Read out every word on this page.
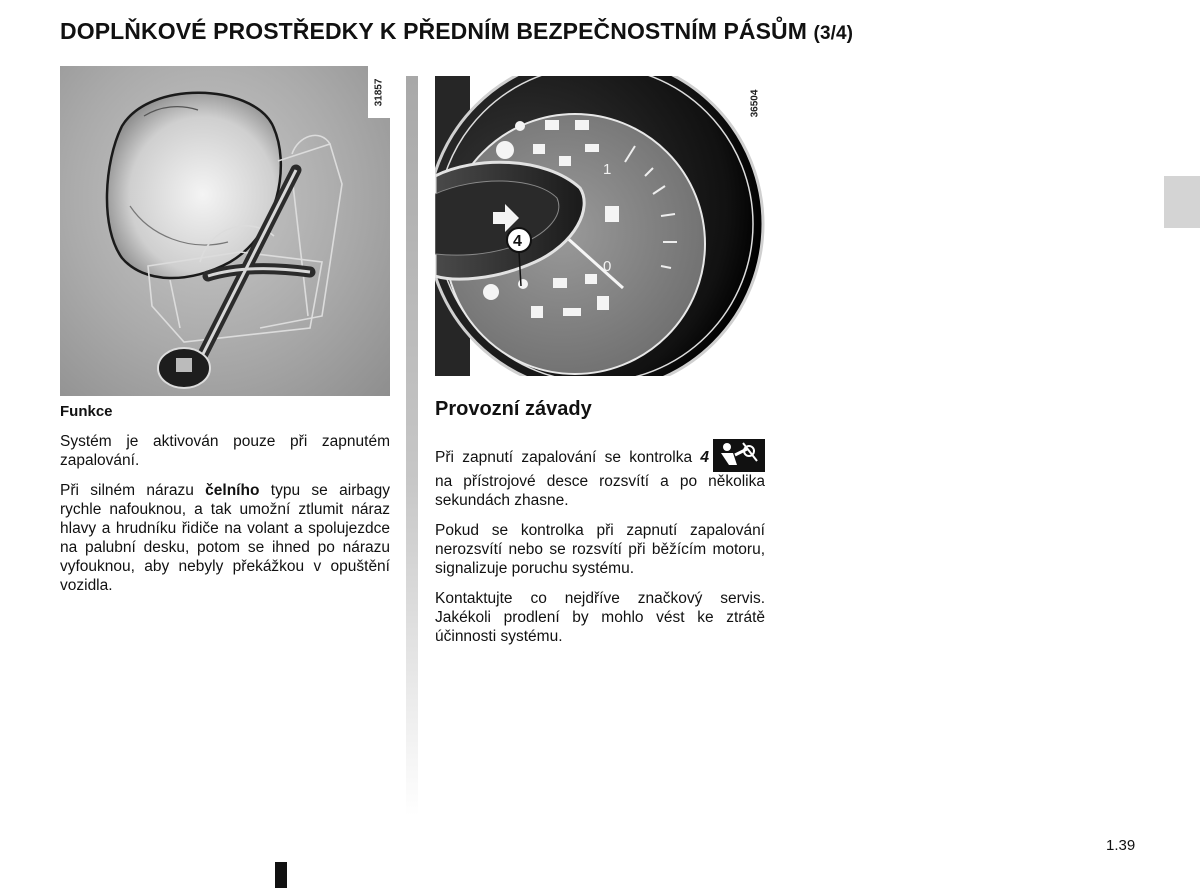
DOPLŇKOVÉ PROSTŘEDKY K PŘEDNÍM BEZPEČNOSTNÍM PÁSŮM (3/4)
31857
1
0
4
36504

Funkce

Systém je aktivován pouze při zapnutém zapalování.

Při silném nárazu čelního typu se airbagy rychle nafouknou, a tak umožní ztlumit náraz hlavy a hrudníku řidiče na volant a spolujezdce na palubní desku, potom se ihned po nárazu vyfouknou, aby nebyly překážkou v opuštění vozidla.

Provozní závady

Při zapnutí zapalování se kontrolka 4 na přístrojové desce rozsvítí a po několika sekundách zhasne.

Pokud se kontrolka při zapnutí zapalování nerozsvítí nebo se rozsvítí při běžícím motoru, signalizuje poruchu systému.

Kontaktujte co nejdříve značkový servis. Jakékoli prodlení by mohlo vést ke ztrátě účinnosti systému.

1.39
